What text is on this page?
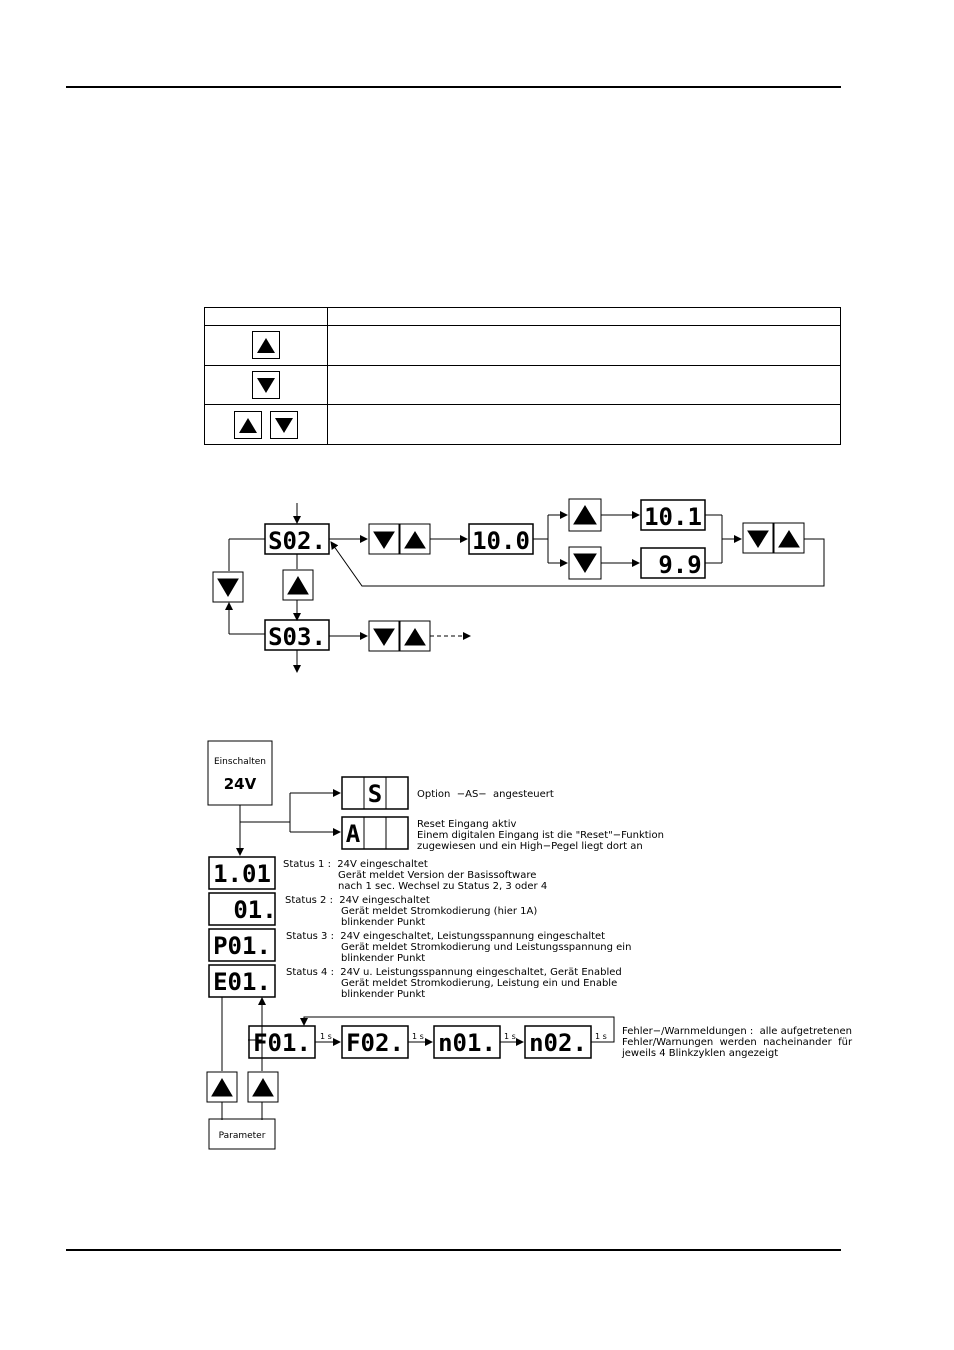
S02.	10.0
10.1
9.9
S03.
S
A
1.01
01.
P01.
E01.
F01. F02. n01. n02.
Einschalten
24V
Option  −AS−  angesteuert
Reset Eingang aktiv
Einem digitalen Eingang ist die "Reset"−Funktion
zugewiesen und ein High−Pegel liegt dort an
Status 1 :  24V eingeschaltet
Gerät meldet Version der Basissoftware
nach 1 sec. Wechsel zu Status 2, 3 oder 4
Status 2 :  24V eingeschaltet
Gerät meldet Stromkodierung (hier 1A)
blinkender Punkt
Status 3 :  24V eingeschaltet, Leistungsspannung eingeschaltet
Gerät meldet Stromkodierung und Leistungsspannung ein
blinkender Punkt
Status 4 :  24V u. Leistungsspannung eingeschaltet, Gerät Enabled
Gerät meldet Stromkodierung, Leistung ein und Enable
blinkender Punkt
Fehler−/Warnmeldungen :  alle aufgetretenen
Fehler/Warnungen  werden  nacheinander  für
jeweils 4 Blinkzyklen angezeigt
1 s	1 s	1 s	1 s
Parameter
